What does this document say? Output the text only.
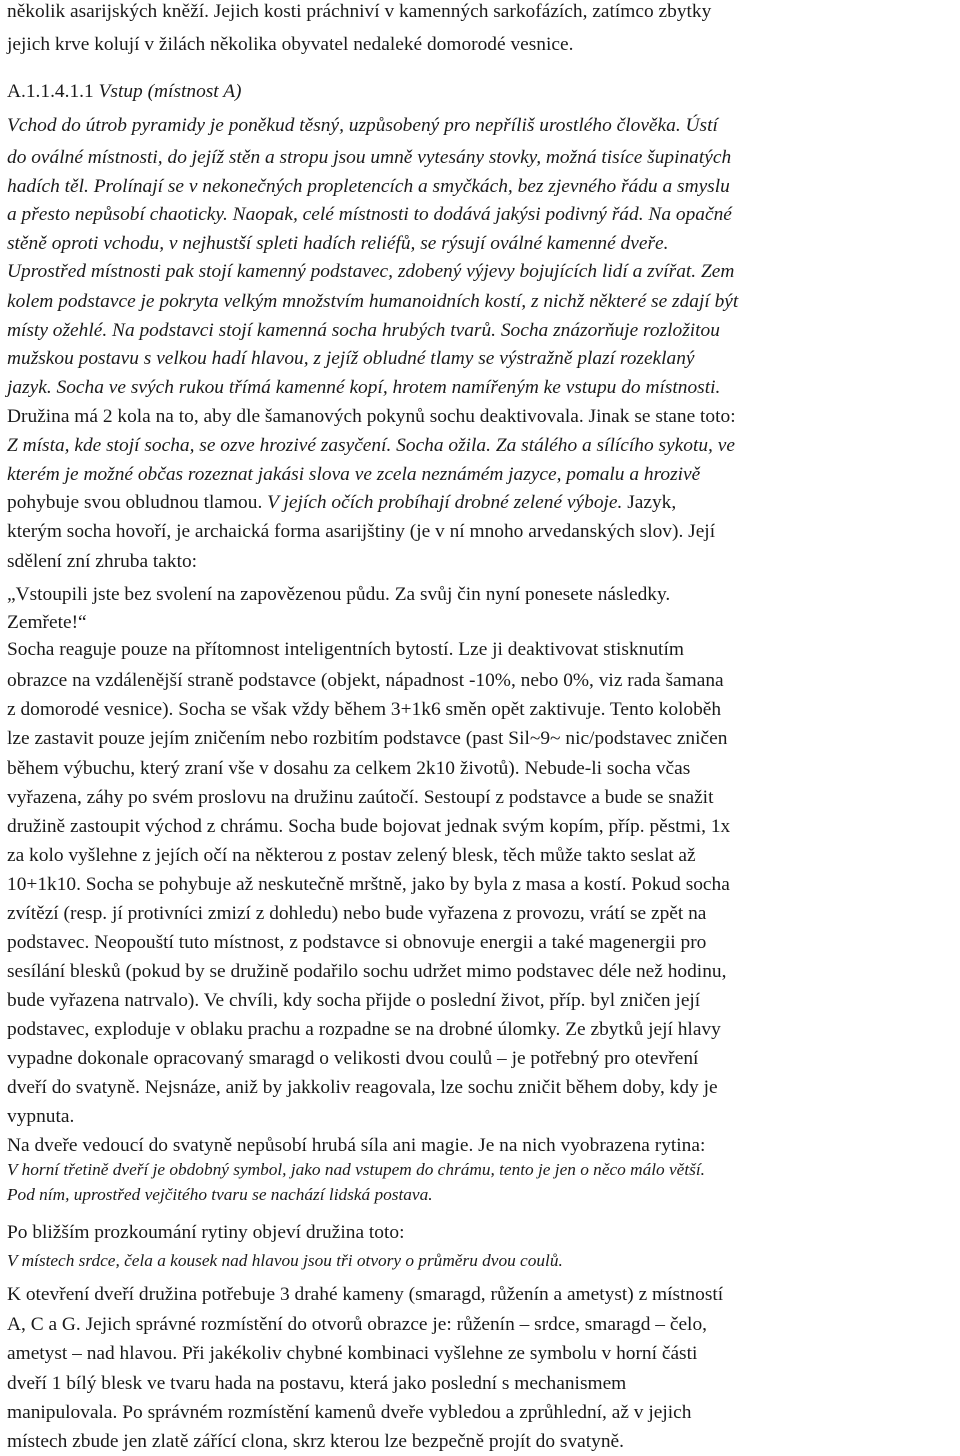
několik asarijských kněží. Jejich kosti práchniví v kamenných sarkofázích, zatímco zbytky

jejich krve kolují v žilách několika obyvatel nedaleké domorodé vesnice.

A.1.1.4.1.1 Vstup (místnost A)

Vchod do útrob pyramidy je poněkud těsný, uzpůsobený pro nepříliš urostlého člověka. Ústí

do oválné místnosti, do jejíž stěn a stropu jsou umně vytesány stovky, možná tisíce šupinatých

hadích těl. Prolínají se v nekonečných propletencích a smyčkách, bez zjevného řádu a smyslu

a přesto nepůsobí chaoticky. Naopak, celé místnosti to dodává jakýsi podivný řád. Na opačné

stěně oproti vchodu, v nejhustší spleti hadích reliéfů, se rýsují oválné kamenné dveře.

Uprostřed místnosti pak stojí kamenný podstavec, zdobený výjevy bojujících lidí a zvířat. Zem

kolem podstavce je pokryta velkým množstvím humanoidních kostí, z nichž některé se zdají být

místy ožehlé. Na podstavci stojí kamenná socha hrubých tvarů. Socha znázorňuje rozložitou

mužskou postavu s velkou hadí hlavou, z jejíž obludné tlamy se výstražně plazí rozeklaný

jazyk. Socha ve svých rukou třímá kamenné kopí, hrotem namířeným ke vstupu do místnosti.

Družina má 2 kola na to, aby dle šamanových pokynů sochu deaktivovala. Jinak se stane toto:

Z místa, kde stojí socha, se ozve hrozivé zasyčení. Socha ožila. Za stálého a sílícího sykotu, ve

kterém je možné občas rozeznat jakási slova ve zcela neznámém jazyce, pomalu a hrozivě

pohybuje svou obludnou tlamou. V jejích očích probíhají drobné zelené výboje. Jazyk,

kterým socha hovoří, je archaická forma asarijštiny (je v ní mnoho arvedanských slov). Její

sdělení zní zhruba takto:

„Vstoupili jste bez svolení na zapovězenou půdu. Za svůj čin nyní ponesete následky.

Zemřete!“

Socha reaguje pouze na přítomnost inteligentních bytostí. Lze ji deaktivovat stisknutím

obrazce na vzdálenější straně podstavce (objekt, nápadnost -10%, nebo 0%, viz rada šamana

z domorodé vesnice). Socha se však vždy během 3+1k6 směn opět zaktivuje. Tento koloběh

lze zastavit pouze jejím zničením nebo rozbitím podstavce (past Sil~9~ nic/podstavec zničen

během výbuchu, který zraní vše v dosahu za celkem 2k10 životů). Nebude-li socha včas

vyřazena, záhy po svém proslovu na družinu zaútočí. Sestoupí z podstavce a bude se snažit

družině zastoupit východ z chrámu. Socha bude bojovat jednak svým kopím, příp. pěstmi, 1x

za kolo vyšlehne z jejích očí na některou z postav zelený blesk, těch může takto seslat až

10+1k10. Socha se pohybuje až neskutečně mrštně, jako by byla z masa a kostí. Pokud socha

zvítězí (resp. jí protivníci zmizí z dohledu) nebo bude vyřazena z provozu, vrátí se zpět na

podstavec. Neopouští tuto místnost, z podstavce si obnovuje energii a také magenergii pro

sesílání blesků (pokud by se družině podařilo sochu udržet mimo podstavec déle než hodinu,

bude vyřazena natrvalo). Ve chvíli, kdy socha přijde o poslední život, příp. byl zničen její

podstavec, exploduje v oblaku prachu a rozpadne se na drobné úlomky. Ze zbytků její hlavy

vypadne dokonale opracovaný smaragd o velikosti dvou coulů – je potřebný pro otevření

dveří do svatyně. Nejsnáze, aniž by jakkoliv reagovala, lze sochu zničit během doby, kdy je

vypnuta.

Na dveře vedoucí do svatyně nepůsobí hrubá síla ani magie. Je na nich vyobrazena rytina:

V horní třetině dveří je obdobný symbol, jako nad vstupem do chrámu, tento je jen o něco málo větší.

Pod ním, uprostřed vejčitého tvaru se nachází lidská postava.

Po bližším prozkoumání rytiny objeví družina toto:

V místech srdce, čela a kousek nad hlavou jsou tři otvory o průměru dvou coulů.

K otevření dveří družina potřebuje 3 drahé kameny (smaragd, růženín a ametyst) z místností

A, C a G. Jejich správné rozmístění do otvorů obrazce je: růženín – srdce, smaragd – čelo,

ametyst – nad hlavou. Při jakékoliv chybné kombinaci vyšlehne ze symbolu v horní části

dveří 1 bílý blesk ve tvaru hada na postavu, která jako poslední s mechanismem

manipulovala. Po správném rozmístění kamenů dveře vybledou a zprůhlední, až v jejich

místech zbude jen zlatě zářící clona, skrz kterou lze bezpečně projít do svatyně.
